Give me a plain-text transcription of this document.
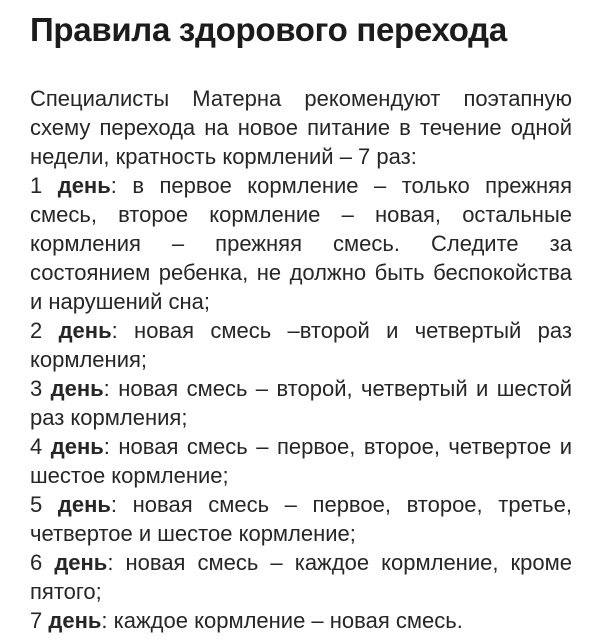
Правила здорового перехода

Специалисты Матерна рекомендуют поэтапную схему перехода на новое питание в течение одной недели, кратность кормлений – 7 раз:

1 день: в первое кормление – только прежняя смесь, второе кормление – новая, остальные кормления – прежняя смесь. Следите за состоянием ребенка, не должно быть беспокойства и нарушений сна;

2 день: новая смесь –второй и четвертый раз кормления;

3 день: новая смесь – второй, четвертый и шестой раз кормления;

4 день: новая смесь – первое, второе, четвертое и шестое кормление;

5 день: новая смесь – первое, второе, третье, четвертое и шестое кормление;

6 день: новая смесь – каждое кормление, кроме пятого;

7 день: каждое кормление – новая смесь.
